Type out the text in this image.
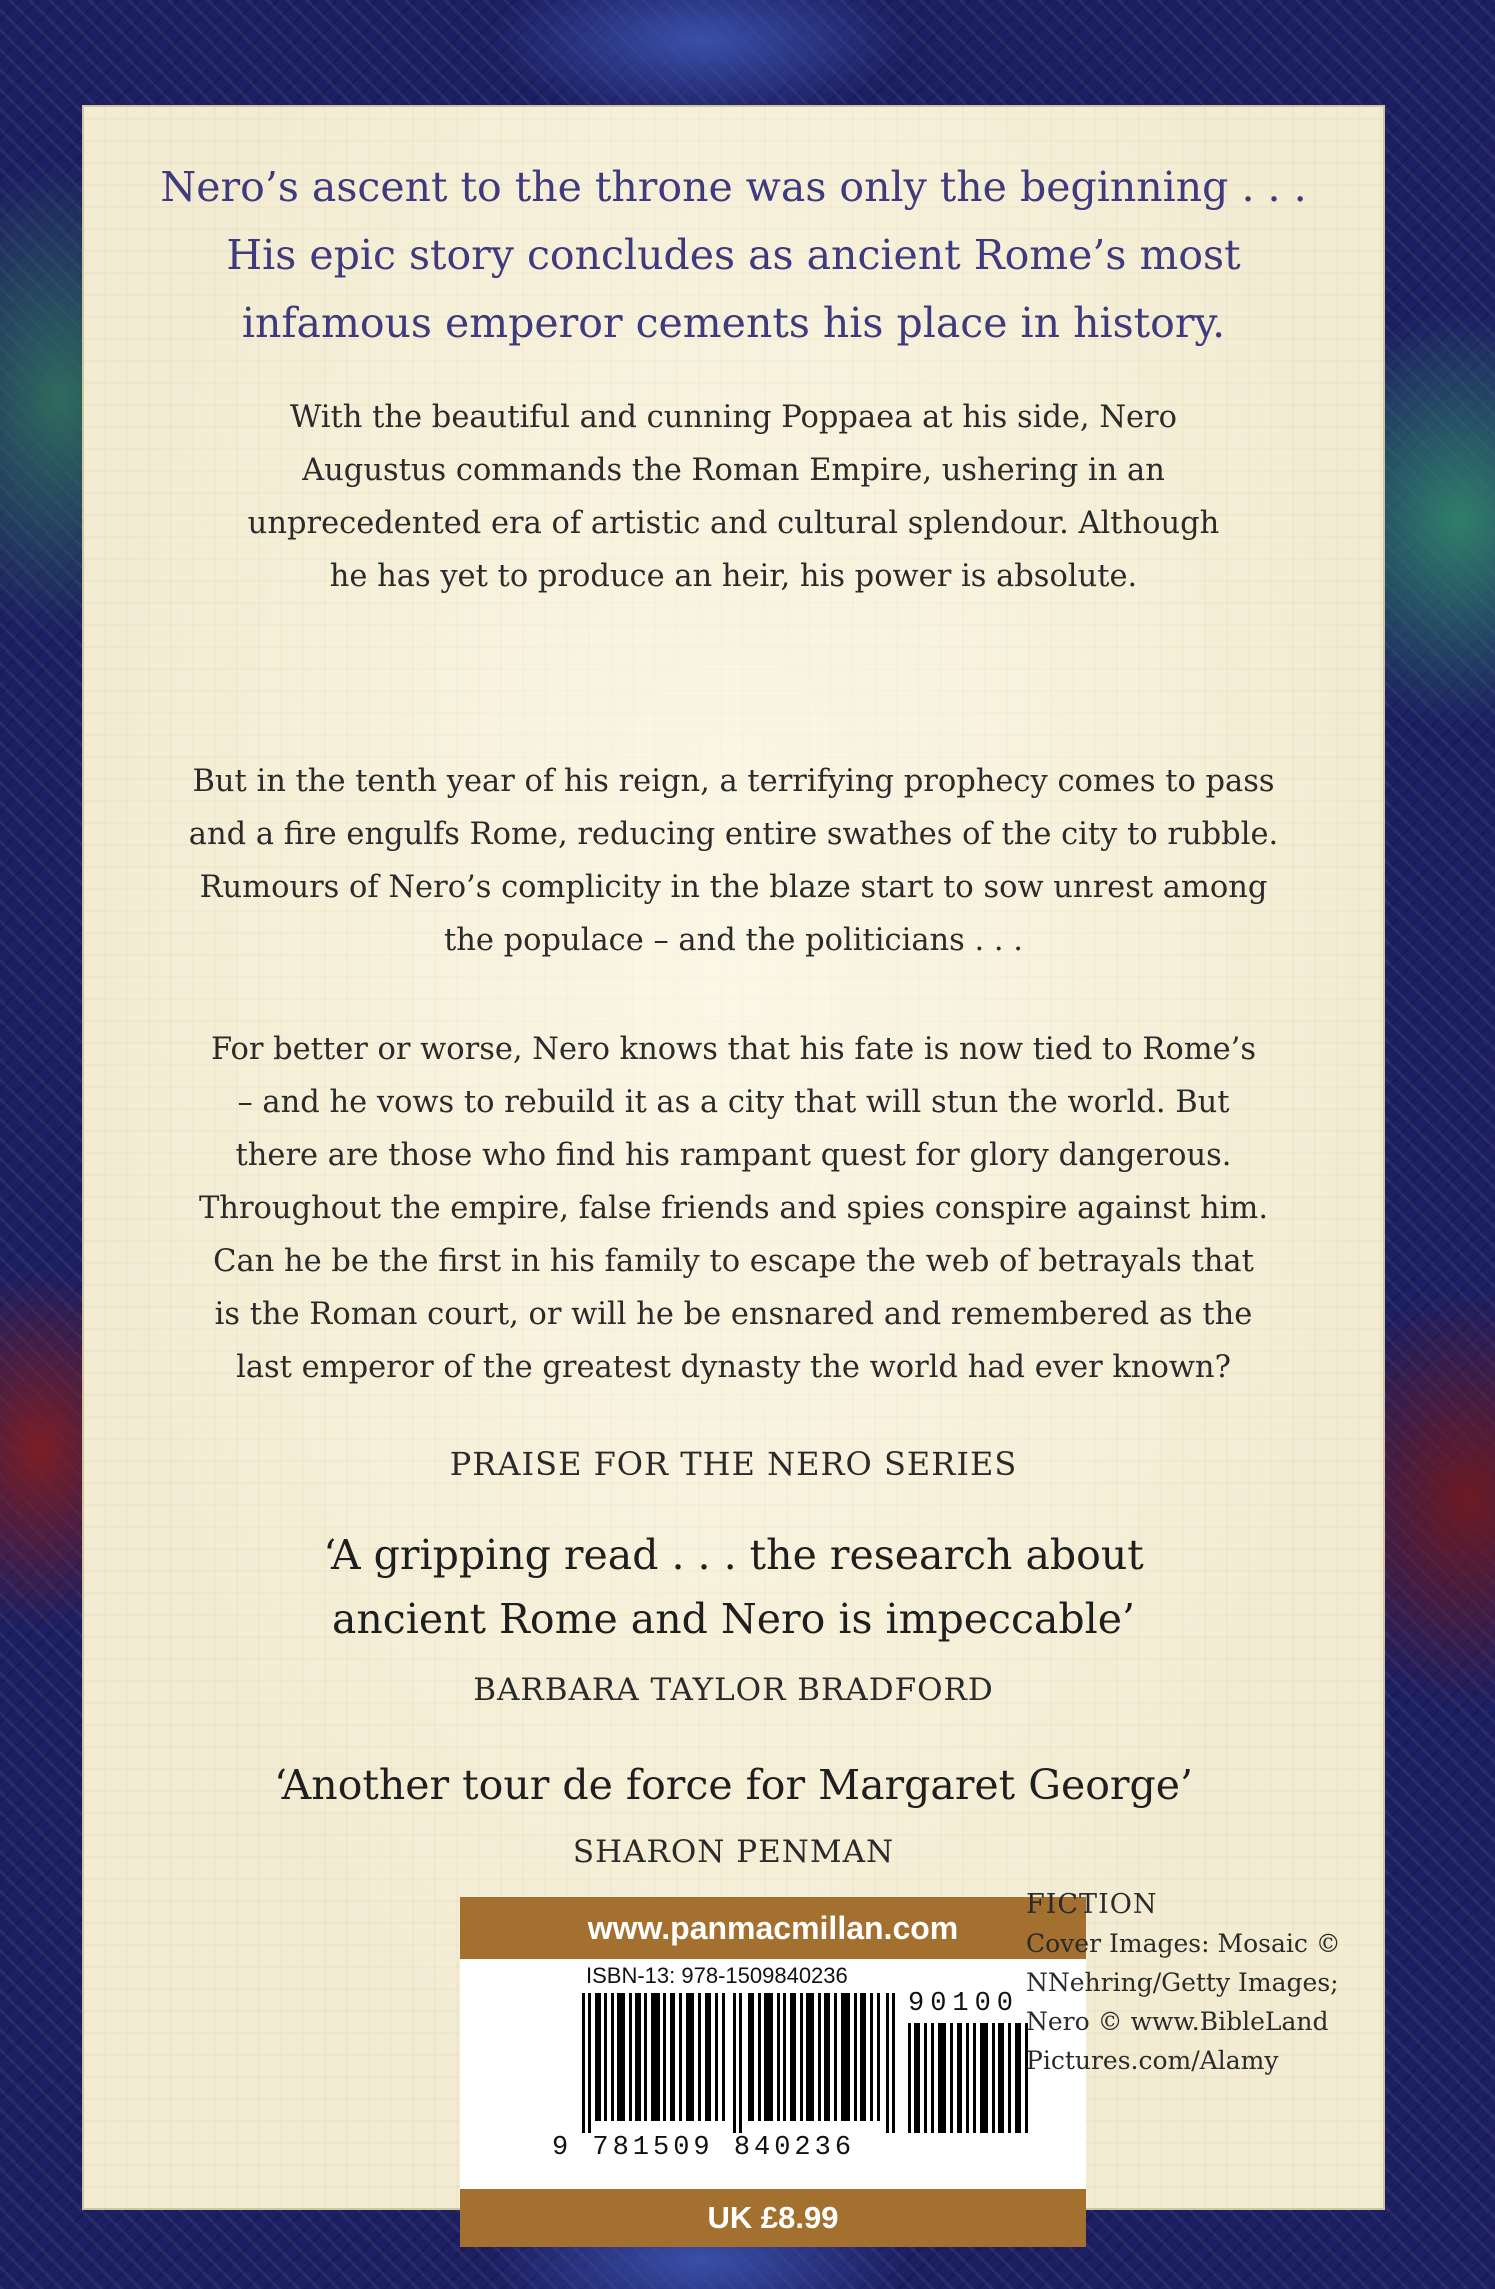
Nero’s ascent to the throne was only the beginning . . .
His epic story concludes as ancient Rome’s most
infamous emperor cements his place in history.
With the beautiful and cunning Poppaea at his side, Nero
Augustus commands the Roman Empire, ushering in an
unprecedented era of artistic and cultural splendour. Although
he has yet to produce an heir, his power is absolute.
But in the tenth year of his reign, a terrifying prophecy comes to pass
and a fire engulfs Rome, reducing entire swathes of the city to rubble.
Rumours of Nero’s complicity in the blaze start to sow unrest among
the populace – and the politicians . . .
For better or worse, Nero knows that his fate is now tied to Rome’s
– and he vows to rebuild it as a city that will stun the world. But
there are those who find his rampant quest for glory dangerous.
Throughout the empire, false friends and spies conspire against him.
Can he be the first in his family to escape the web of betrayals that
is the Roman court, or will he be ensnared and remembered as the
last emperor of the greatest dynasty the world had ever known?
PRAISE FOR THE NERO SERIES
‘A gripping read . . . the research about
ancient Rome and Nero is impeccable’
BARBARA TAYLOR BRADFORD
‘Another tour de force for Margaret George’
SHARON PENMAN
www.panmacmillan.com
ISBN-13: 978-1509840236
90100
9 781509 840236
UK £8.99
FICTION
Cover Images: Mosaic ©
NNehring/Getty Images;
Nero © www.BibleLand
Pictures.com/Alamy
